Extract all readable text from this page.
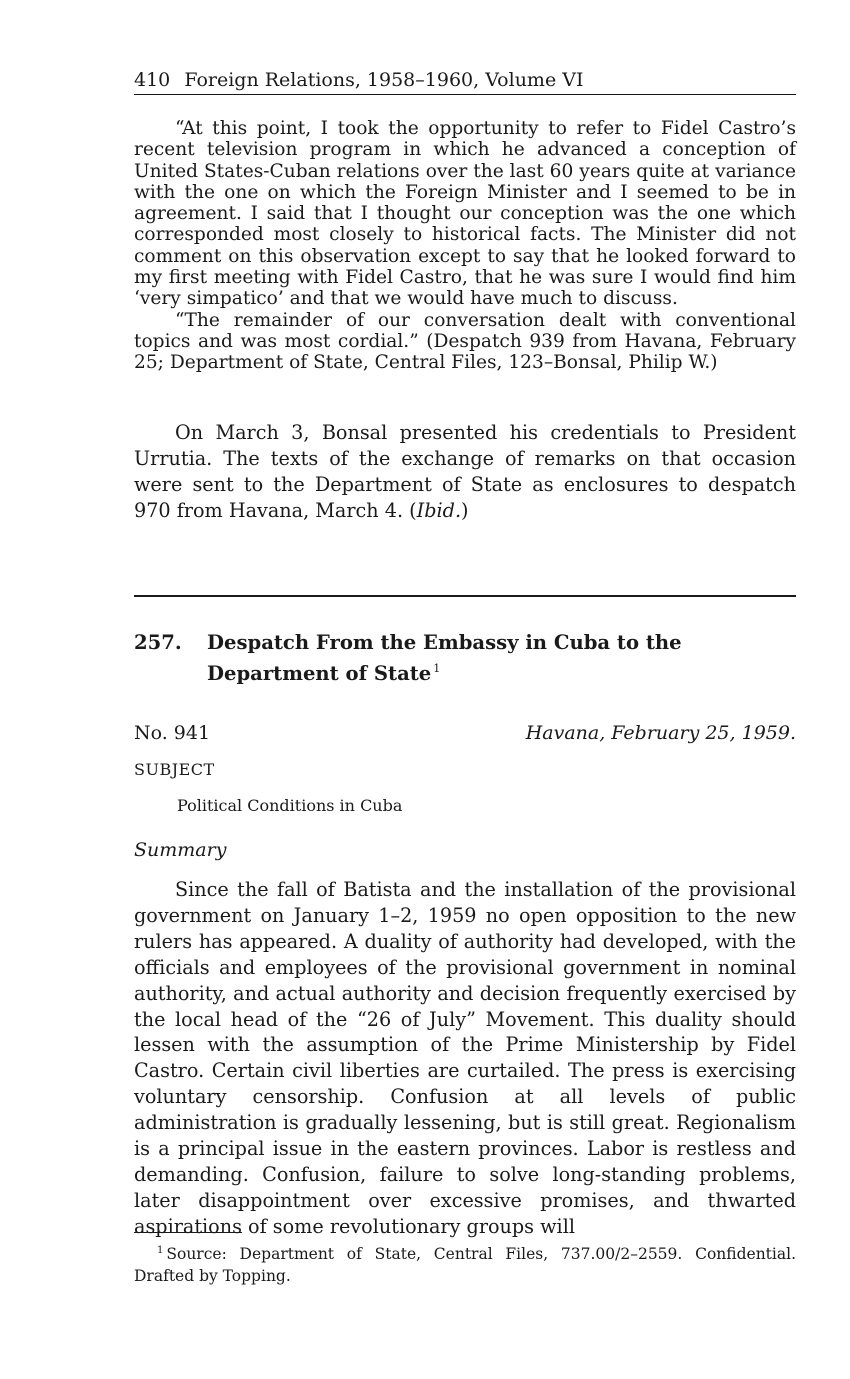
410 Foreign Relations, 1958–1960, Volume VI

“At this point, I took the opportunity to refer to Fidel Castro’s recent television program in which he advanced a conception of United States-Cuban relations over the last 60 years quite at variance with the one on which the Foreign Minister and I seemed to be in agreement. I said that I thought our conception was the one which corresponded most closely to historical facts. The Minister did not comment on this observation except to say that he looked forward to my first meeting with Fidel Castro, that he was sure I would find him ‘very simpatico’ and that we would have much to discuss.

“The remainder of our conversation dealt with conventional topics and was most cordial.” (Despatch 939 from Havana, February 25; Department of State, Central Files, 123–Bonsal, Philip W.)

On March 3, Bonsal presented his credentials to President Urrutia. The texts of the exchange of remarks on that occasion were sent to the Department of State as enclosures to despatch 970 from Havana, March 4. (Ibid.)

257. Despatch From the Embassy in Cuba to the Department of State $^1$
No. 941	Havana, February 25, 1959.
SUBJECT
Political Conditions in Cuba
Summary

Since the fall of Batista and the installation of the provisional government on January 1–2, 1959 no open opposition to the new rulers has appeared. A duality of authority had developed, with the officials and employees of the provisional government in nominal authority, and actual authority and decision frequently exercised by the local head of the “26 of July” Movement. This duality should lessen with the assumption of the Prime Ministership by Fidel Castro. Certain civil liberties are curtailed. The press is exercising voluntary censorship. Confusion at all levels of public administration is gradually lessening, but is still great. Regionalism is a principal issue in the eastern provinces. Labor is restless and demanding. Confusion, failure to solve long-standing problems, later disappointment over excessive promises, and thwarted aspirations of some revolutionary groups will

$^1$ Source: Department of State, Central Files, 737.00/2–2559. Confidential. Drafted by Topping.
